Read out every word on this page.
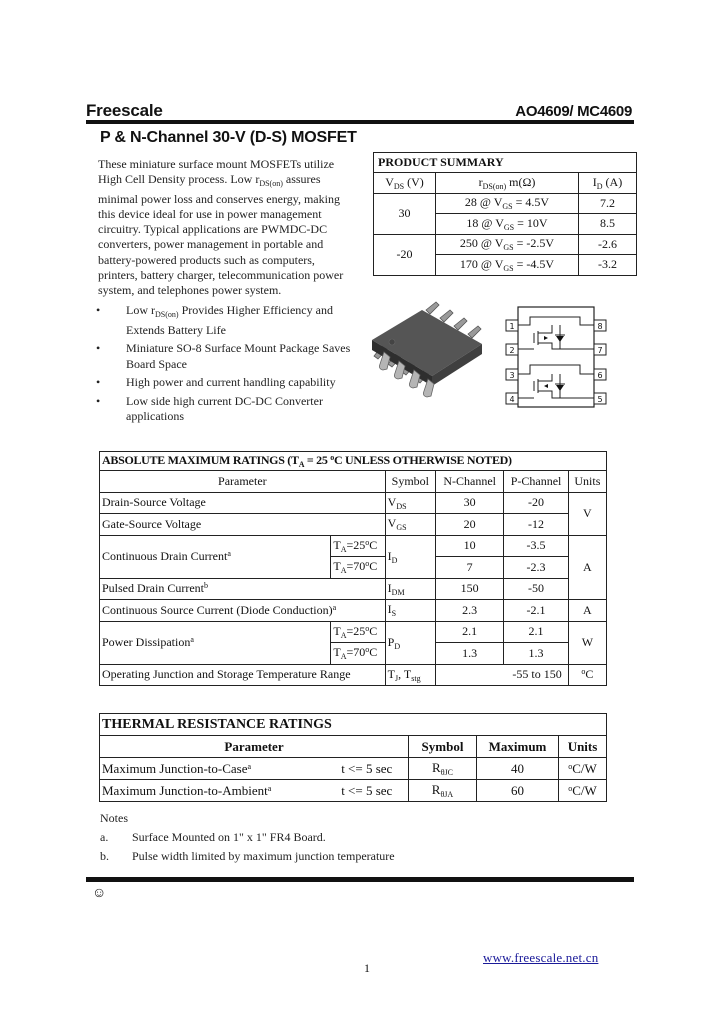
Freescale	AO4609/ MC4609
P & N-Channel 30-V (D-S) MOSFET
These miniature surface mount MOSFETs utilize High Cell Density process. Low $r_{DS(on)}$ assures minimal power loss and conserves energy, making this device ideal for use in power management circuitry. Typical applications are PWMDC-DC converters, power management in portable and battery-powered products such as computers, printers, battery charger, telecommunication power system, and telephones power system.
• Low $r_{DS(on)}$ Provides Higher Efficiency and Extends Battery Life
• Miniature SO-8 Surface Mount Package Saves Board Space
• High power and current handling capability
• Low side high current DC-DC Converter applications
PRODUCT SUMMARY		
$V_{DS}$ (V)	$r_{DS(on)}$ m(Ω)	$I_D$ (A)
30	28 @ $V_{GS} = 4.5V$	7.2
	18 @ $V_{GS} = 10V$	8.5
-20	250 @ $V_{GS} = -2.5V$	-2.6
	170 @ $V_{GS} = -4.5V$	-3.2
1
2
3
4
8
7
6
5
ABSOLUTE MAXIMUM RATINGS ($T_A = 25$ $^o$C UNLESS OTHERWISE NOTED)					
Parameter		Symbol	N-Channel	P-Channel	Units
Drain-Source Voltage		$V_{DS}$	30	-20	V
Gate-Source Voltage		$V_{GS}$	20	-12	
Continuous Drain Current$^a$	$T_A=25^oC$	$I_D$	10	-3.5	A
	$T_A=70^oC$		7	-2.3	
Pulsed Drain Current$^b$		$I_{DM}$	150	-50	
Continuous Source Current (Diode Conduction)$^a$		$I_S$	2.3	-2.1	A
Power Dissipation$^a$	$T_A=25^oC$	$P_D$	2.1	2.1	W
	$T_A=70^oC$		1.3	1.3	
Operating Junction and Storage Temperature Range		$T_J$, $T_{stg}$	-55 to 150		$^o$C
THERMAL RESISTANCE RATINGS				
Parameter		Symbol	Maximum	Units
Maximum Junction-to-Case$^a$	t <= 5 sec	$R_{\theta JC}$	40	$^o$C/W
Maximum Junction-to-Ambient$^a$	t <= 5 sec	$R_{\theta JA}$	60	$^o$C/W
Notes
a. Surface Mounted on 1" x 1" FR4 Board.
b. Pulse width limited by maximum junction temperature
☺
www.freescale.net.cn
1
